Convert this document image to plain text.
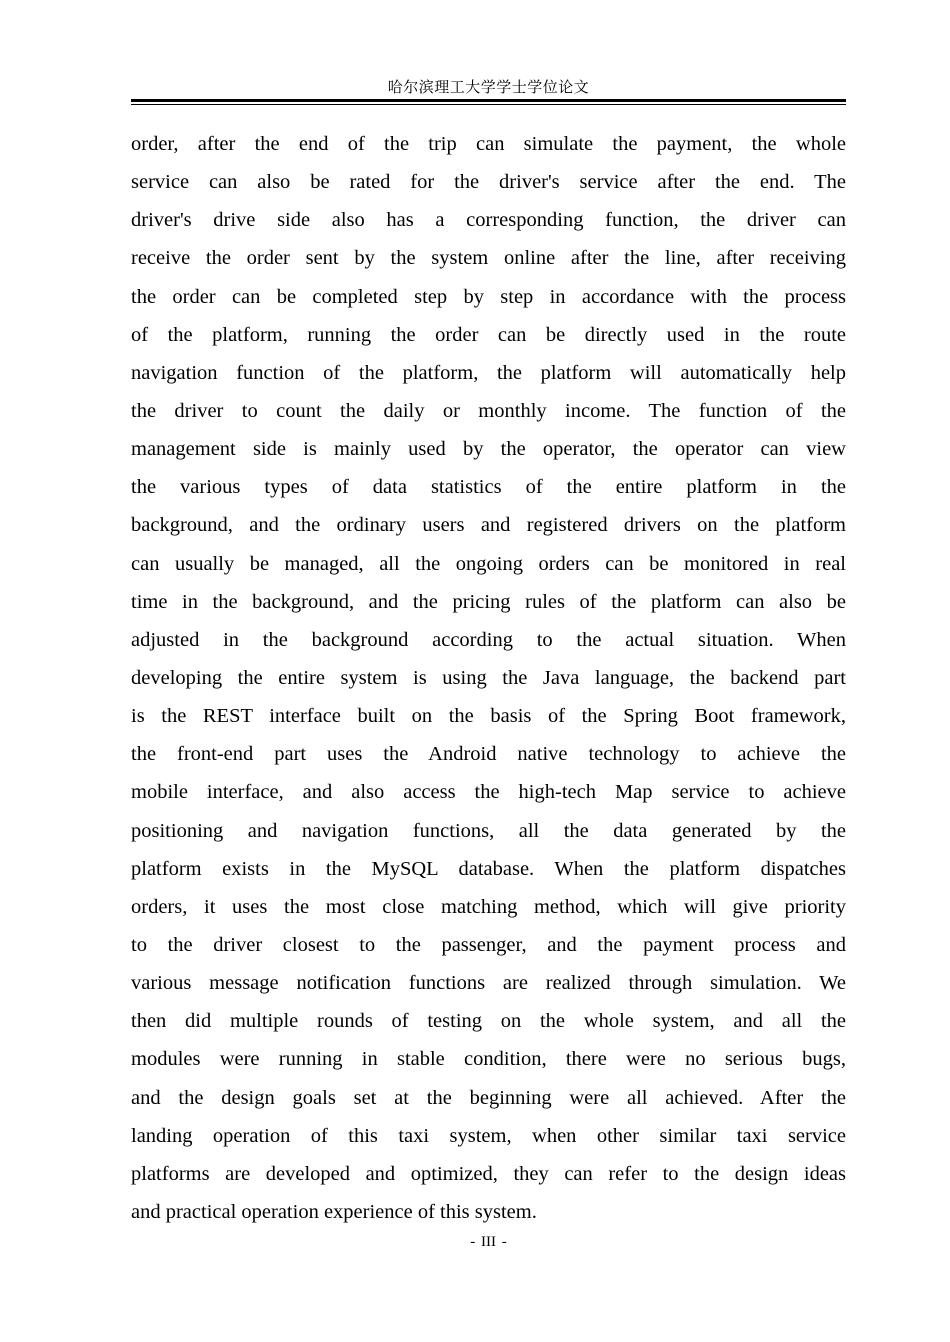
哈尔滨理工大学学士学位论文
order, after the end of the trip can simulate the payment, the whole
service can also be rated for the driver's service after the end. The
driver's drive side also has a corresponding function, the driver can
receive the order sent by the system online after the line, after receiving
the order can be completed step by step in accordance with the process
of the platform, running the order can be directly used in the route
navigation function of the platform, the platform will automatically help
the driver to count the daily or monthly income. The function of the
management side is mainly used by the operator, the operator can view
the various types of data statistics of the entire platform in the
background, and the ordinary users and registered drivers on the platform
can usually be managed, all the ongoing orders can be monitored in real
time in the background, and the pricing rules of the platform can also be
adjusted in the background according to the actual situation. When
developing the entire system is using the Java language, the backend part
is the REST interface built on the basis of the Spring Boot framework,
the front-end part uses the Android native technology to achieve the
mobile interface, and also access the high-tech Map service to achieve
positioning and navigation functions, all the data generated by the
platform exists in the MySQL database. When the platform dispatches
orders, it uses the most close matching method, which will give priority
to the driver closest to the passenger, and the payment process and
various message notification functions are realized through simulation. We
then did multiple rounds of testing on the whole system, and all the
modules were running in stable condition, there were no serious bugs,
and the design goals set at the beginning were all achieved. After the
landing operation of this taxi system, when other similar taxi service
platforms are developed and optimized, they can refer to the design ideas
and practical operation experience of this system.
- III -
